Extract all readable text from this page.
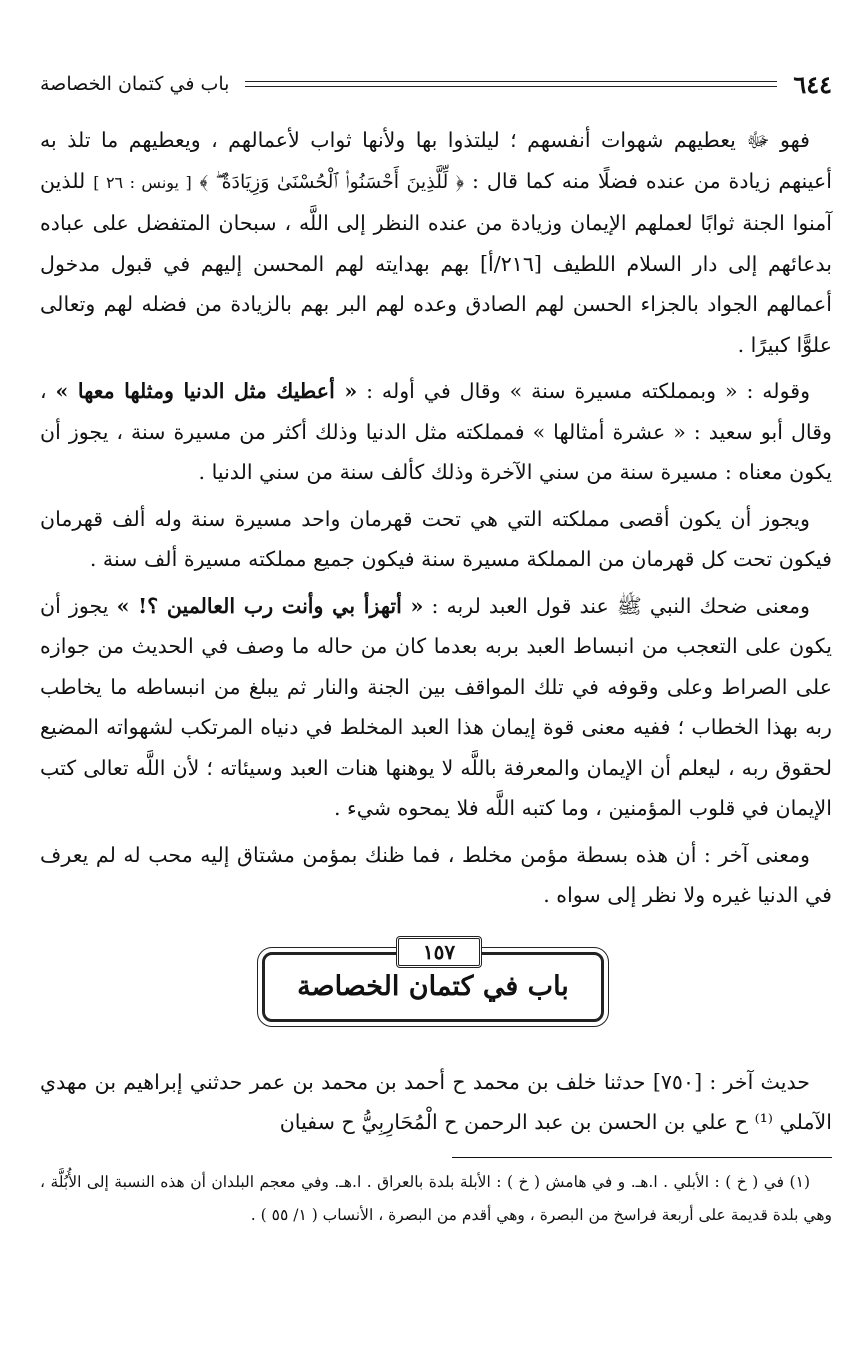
٦٤٤
باب في كتمان الخصاصة

فهو ﷻ يعطيهم شهوات أنفسهم ؛ ليلتذوا بها ولأنها ثواب لأعمالهم ، ويعطيهم ما تلذ به أعينهم زيادة من عنده فضلًا منه كما قال : ﴿ لِّلَّذِينَ أَحْسَنُوا۟ ٱلْحُسْنَىٰ وَزِيَادَةٌ ۖ ﴾ [ يونس : ٢٦ ] للذين آمنوا الجنة ثوابًا لعملهم الإيمان وزيادة من عنده النظر إلى اللَّه ، سبحان المتفضل على عباده بدعائهم إلى دار السلام اللطيف [٢١٦/أ] بهم بهدايته لهم المحسن إليهم في قبول مدخول أعمالهم الجواد بالجزاء الحسن لهم الصادق وعده لهم البر بهم بالزيادة من فضله لهم وتعالى علوًّا كبيرًا .

وقوله : « وبمملكته مسيرة سنة » وقال في أوله : « أعطيك مثل الدنيا ومثلها معها » ، وقال أبو سعيد : « عشرة أمثالها » فمملكته مثل الدنيا وذلك أكثر من مسيرة سنة ، يجوز أن يكون معناه : مسيرة سنة من سني الآخرة وذلك كألف سنة من سني الدنيا .

ويجوز أن يكون أقصى مملكته التي هي تحت قهرمان واحد مسيرة سنة وله ألف قهرمان فيكون تحت كل قهرمان من المملكة مسيرة سنة فيكون جميع مملكته مسيرة ألف سنة .

ومعنى ضحك النبي ﷺ عند قول العبد لربه : « أتهزأ بي وأنت رب العالمين ؟! » يجوز أن يكون على التعجب من انبساط العبد بربه بعدما كان من حاله ما وصف في الحديث من جوازه على الصراط وعلى وقوفه في تلك المواقف بين الجنة والنار ثم يبلغ من انبساطه ما يخاطب ربه بهذا الخطاب ؛ ففيه معنى قوة إيمان هذا العبد المخلط في دنياه المرتكب لشهواته المضيع لحقوق ربه ، ليعلم أن الإيمان والمعرفة باللَّه لا يوهنها هنات العبد وسيئاته ؛ لأن اللَّه تعالى كتب الإيمان في قلوب المؤمنين ، وما كتبه اللَّه فلا يمحوه شيء .

ومعنى آخر : أن هذه بسطة مؤمن مخلط ، فما ظنك بمؤمن مشتاق إليه محب له لم يعرف في الدنيا غيره ولا نظر إلى سواه .

١٥٧
باب في كتمان الخصاصة

حديث آخر : [٧٥٠] حدثنا خلف بن محمد ح أحمد بن محمد بن عمر حدثني إبراهيم بن مهدي الآملي ⁽¹⁾ ح علي بن الحسن بن عبد الرحمن ح الْمُحَارِبِيُّ ح سفيان

(١) في ( خ ) : الأبلي . ا.هـ. و في هامش ( خ ) : الأبلة بلدة بالعراق . ا.هـ. وفي معجم البلدان أن هذه النسبة إلى الأُبُلَّة ، وهي بلدة قديمة على أربعة فراسخ من البصرة ، وهي أقدم من البصرة ، الأنساب ( ١/ ٥٥ ) .
